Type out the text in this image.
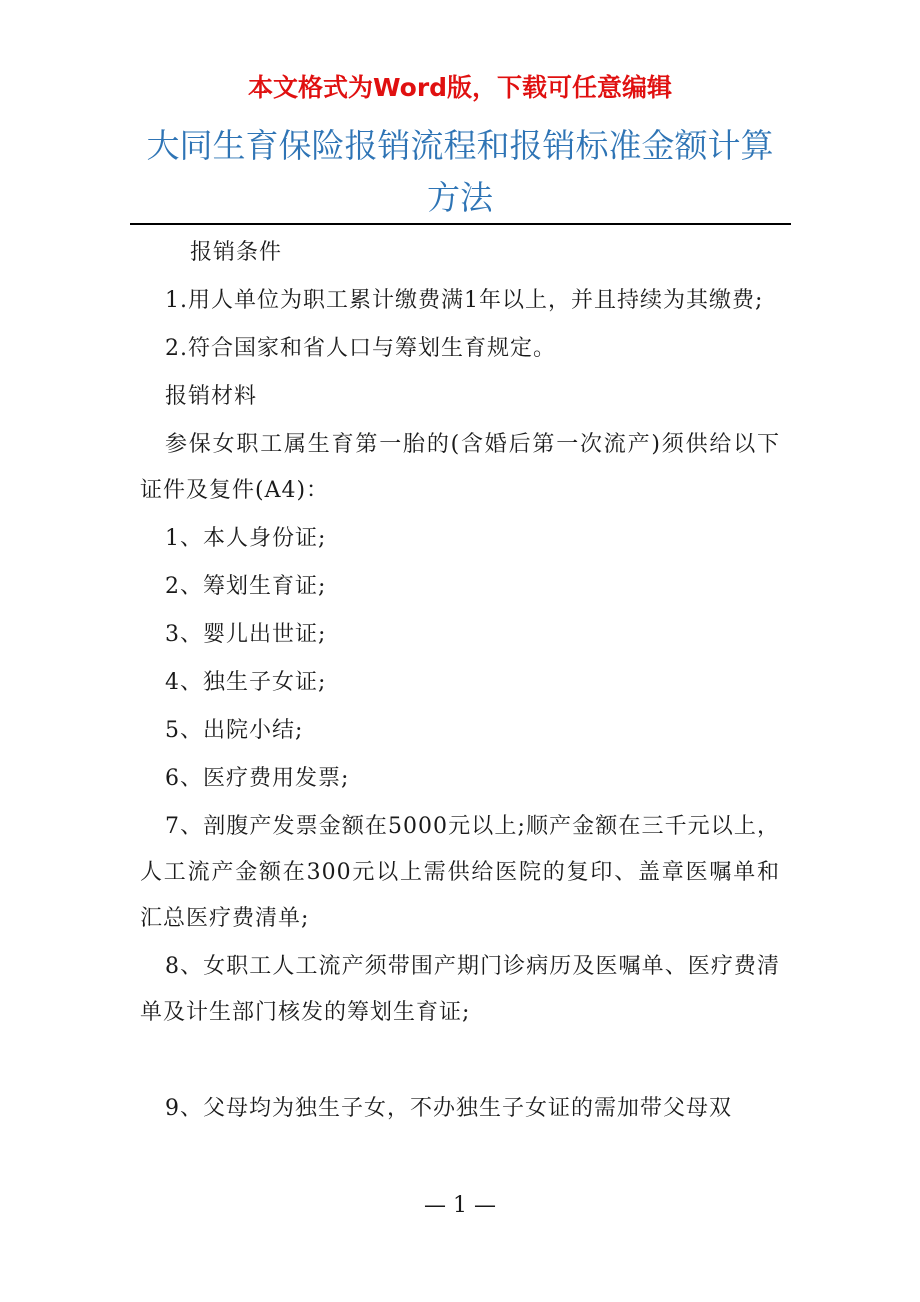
本文格式为Word版，下载可任意编辑
大同生育保险报销流程和报销标准金额计算方法

报销条件

1.用人单位为职工累计缴费满1年以上，并且持续为其缴费;

2.符合国家和省人口与筹划生育规定。

报销材料

参保女职工属生育第一胎的(含婚后第一次流产)须供给以下证件及复件(A4)：

1、本人身份证;

2、筹划生育证;

3、婴儿出世证;

4、独生子女证;

5、出院小结;

6、医疗费用发票;

7、剖腹产发票金额在5000元以上;顺产金额在三千元以上，人工流产金额在300元以上需供给医院的复印、盖章医嘱单和汇总医疗费清单;

8、女职工人工流产须带围产期门诊病历及医嘱单、医疗费清单及计生部门核发的筹划生育证;

9、父母均为独生子女，不办独生子女证的需加带父母双

— 1 —
